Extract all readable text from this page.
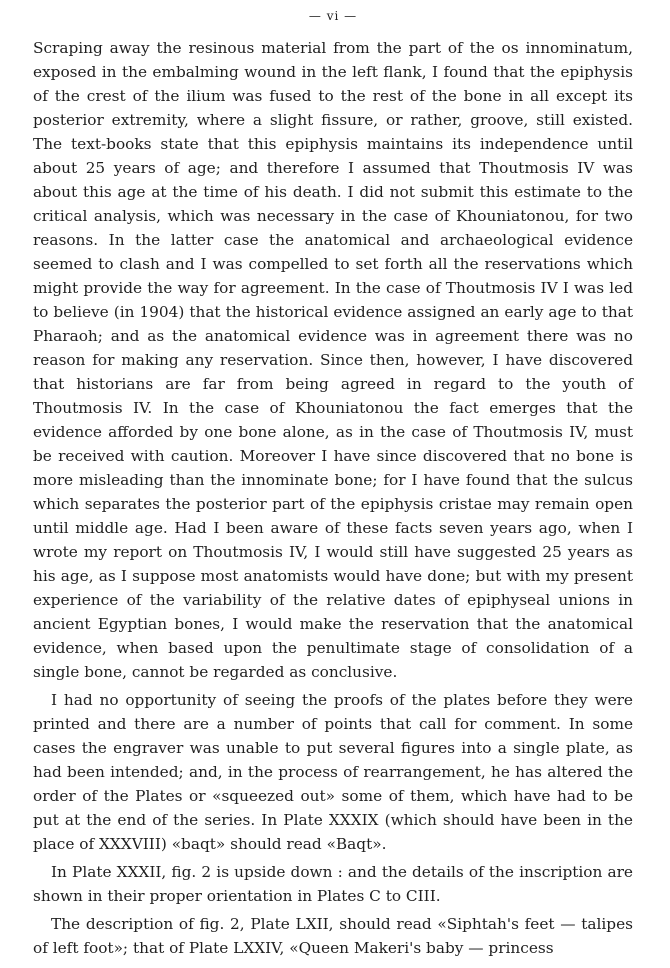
— vi —

Scraping away the resinous material from the part of the os innominatum, exposed in the embalming wound in the left flank, I found that the epiphysis of the crest of the ilium was fused to the rest of the bone in all except its posterior extremity, where a slight fissure, or rather, groove, still existed. The text-books state that this epiphysis maintains its independence until about 25 years of age; and therefore I assumed that Thoutmosis IV was about this age at the time of his death. I did not submit this estimate to the critical analysis, which was necessary in the case of Khouniatonou, for two reasons. In the latter case the anatomical and archaeological evidence seemed to clash and I was compelled to set forth all the reservations which might provide the way for agreement. In the case of Thoutmosis IV I was led to believe (in 1904) that the historical evidence assigned an early age to that Pharaoh; and as the anatomical evidence was in agreement there was no reason for making any reservation. Since then, however, I have discovered that historians are far from being agreed in regard to the youth of Thoutmosis IV. In the case of Khouniatonou the fact emerges that the evidence afforded by one bone alone, as in the case of Thoutmosis IV, must be received with caution. Moreover I have since discovered that no bone is more misleading than the innominate bone; for I have found that the sulcus which separates the posterior part of the epiphysis cristae may remain open until middle age. Had I been aware of these facts seven years ago, when I wrote my report on Thoutmosis IV, I would still have suggested 25 years as his age, as I suppose most anatomists would have done; but with my present experience of the variability of the relative dates of epiphyseal unions in ancient Egyptian bones, I would make the reservation that the anatomical evidence, when based upon the penultimate stage of consolidation of a single bone, cannot be regarded as conclusive.

I had no opportunity of seeing the proofs of the plates before they were printed and there are a number of points that call for comment. In some cases the engraver was unable to put several figures into a single plate, as had been intended; and, in the process of rearrangement, he has altered the order of the Plates or «squeezed out» some of them, which have had to be put at the end of the series. In Plate XXXIX (which should have been in the place of XXXVIII) «baqt» should read «Baqt».

In Plate XXXII, fig. 2 is upside down : and the details of the inscription are shown in their proper orientation in Plates C to CIII.

The description of fig. 2, Plate LXII, should read «Siphtah's feet — talipes of left foot»; that of Plate LXXIV, «Queen Makeri's baby — princess
